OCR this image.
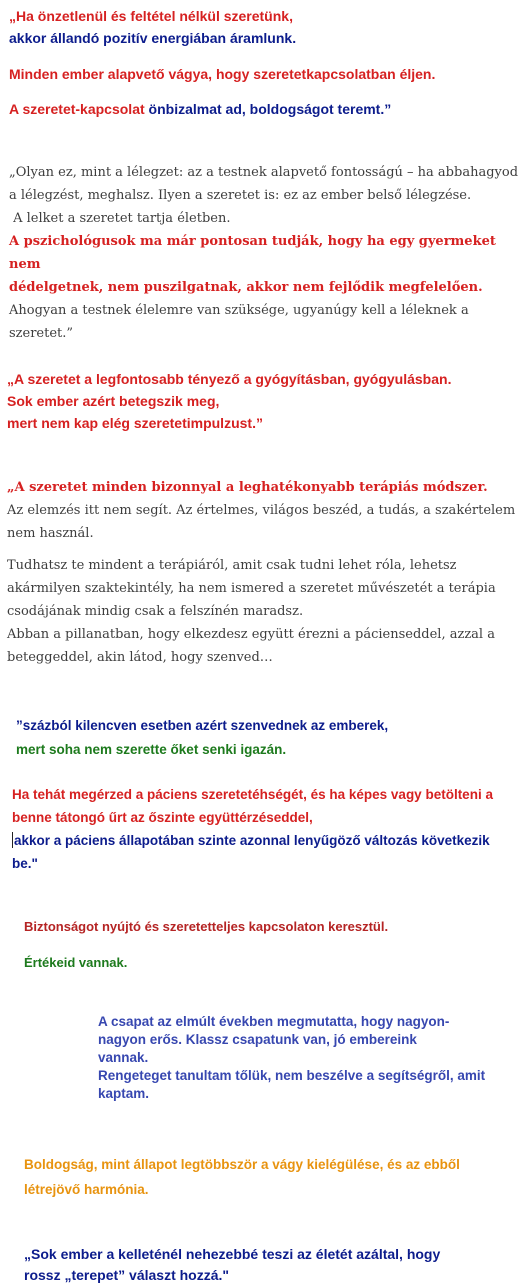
„Ha önzetlenül és feltétel nélkül szeretünk,
akkor állandó pozitív energiában áramlunk.
Minden ember alapvető vágya, hogy szeretetkapcsolatban éljen.
A szeretet-kapcsolat önbizalmat ad, boldogságot teremt.”
„Olyan ez, mint a lélegzet: az a testnek alapvető fontosságú – ha abbahagyod
a lélegzést, meghalsz. Ilyen a szeretet is: ez az ember belső lélegzése.
A lelket a szeretet tartja életben.
A pszichológusok ma már pontosan tudják, hogy ha egy gyermeket nem
dédelgetnek, nem puszilgatnak, akkor nem fejlődik megfelelően.
Ahogyan a testnek élelemre van szüksége, ugyanúgy kell a léleknek a
szeretet.”
„A szeretet a legfontosabb tényező a gyógyításban, gyógyulásban.
Sok ember azért betegszik meg,
mert nem kap elég szeretetimpulzust.”
„A szeretet minden bizonnyal a leghatékonyabb terápiás módszer.
Az elemzés itt nem segít. Az értelmes, világos beszéd, a tudás, a szakértelem
nem használ.
Tudhatsz te mindent a terápiáról, amit csak tudni lehet róla, lehetsz
akármilyen szaktekintély, ha nem ismered a szeretet művészetét a terápia
csodájának mindig csak a felszínén maradsz.
Abban a pillanatban, hogy elkezdesz együtt érezni a pácienseddel, azzal a
beteggeddel, akin látod, hogy szenved…
”százból kilencven esetben azért szenvednek az emberek,
mert soha nem szerette őket senki igazán.
Ha tehát megérzed a páciens szeretetéhségét, és ha képes vagy betölteni a
benne tátongó űrt az őszinte együttérzéseddel,
akkor a páciens állapotában szinte azonnal lenyűgöző változás következik
be."
Biztonságot nyújtó és szeretetteljes kapcsolaton keresztül.
Értékeid vannak.
A csapat az elmúlt években megmutatta, hogy nagyon-
nagyon erős. Klassz csapatunk van, jó embereink
vannak.
Rengeteget tanultam tőlük, nem beszélve a segítségről, amit
kaptam.
Boldogság, mint állapot legtöbbször a vágy kielégülése, és az ebből
létrejövő harmónia.
„Sok ember a kelleténél nehezebbé teszi az életét azáltal, hogy
rossz „terepet” választ hozzá."
